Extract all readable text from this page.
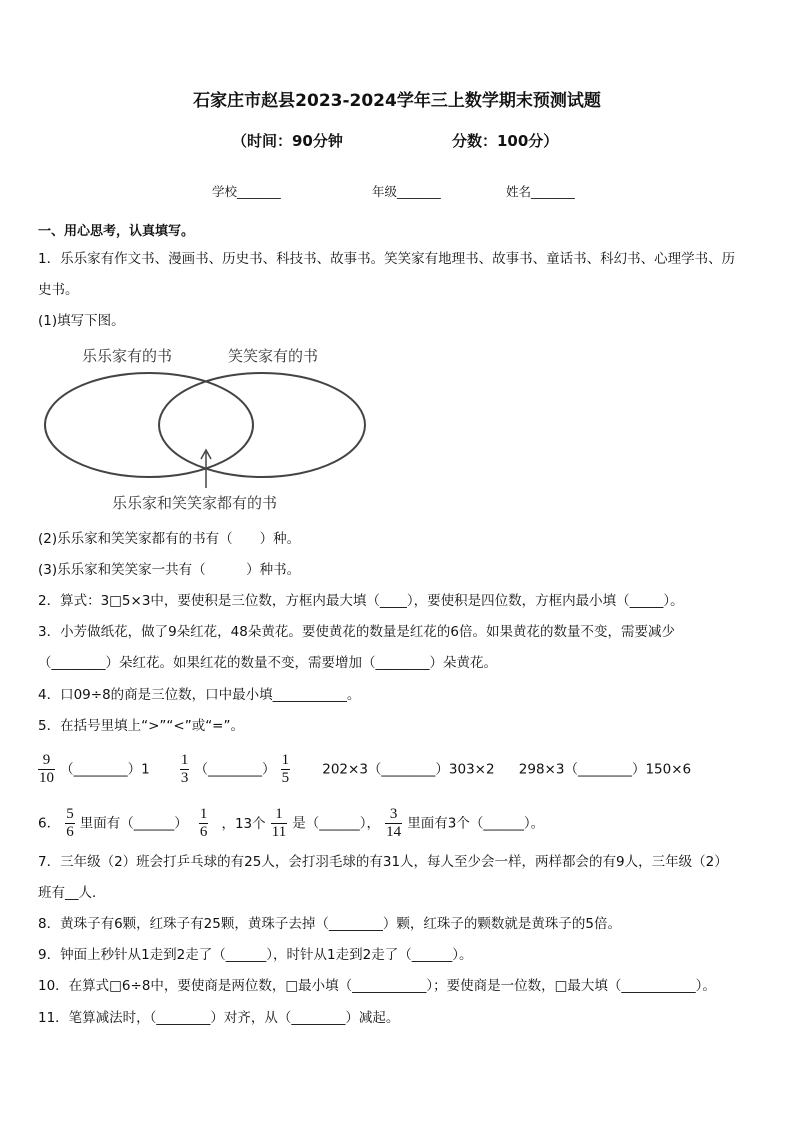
石家庄市赵县2023-2024学年三上数学期末预测试题
（时间：90分钟	分数：100分）
学校_______	年级_______	姓名_______
一、用心思考，认真填写。
1．乐乐家有作文书、漫画书、历史书、科技书、故事书。笑笑家有地理书、故事书、童话书、科幻书、心理学书、历
史书。
(1)填写下图。
乐乐家有的书	笑笑家有的书
乐乐家和笑笑家都有的书
(2)乐乐家和笑笑家都有的书有（　　）种。
(3)乐乐家和笑笑家一共有（　　　）种书。
2．算式：3□5×3中，要使积是三位数，方框内最大填（____），要使积是四位数，方框内最小填（_____）。
3．小芳做纸花，做了9朵红花，48朵黄花。要使黄花的数量是红花的6倍。如果黄花的数量不变，需要减少
（________）朵红花。如果红花的数量不变，需要增加（________）朵黄花。
4．口09÷8的商是三位数，口中最小填___________。
5．在括号里填上“>”“<”或“=”。
$\frac{9}{10}$ （________）1 $\frac{1}{3}$ （________） $\frac{1}{5}$ 202×3（________）303×2 298×3（________）150×6
6． $\frac{5}{6}$ 里面有（______） $\frac{1}{6}$ ，13个 $\frac{1}{11}$ 是（______）， $\frac{3}{14}$ 里面有3个（______）。
7．三年级（2）班会打乒乓球的有25人，会打羽毛球的有31人，每人至少会一样，两样都会的有9人，三年级（2）
班有__人．
8．黄珠子有6颗，红珠子有25颗，黄珠子去掉（________）颗，红珠子的颗数就是黄珠子的5倍。
9．钟面上秒针从1走到2走了（______），时针从1走到2走了（______）。
10．在算式□6÷8中，要使商是两位数，□最小填（___________）；要使商是一位数，□最大填（___________）。
11．笔算减法时，（________）对齐，从（________）减起。
